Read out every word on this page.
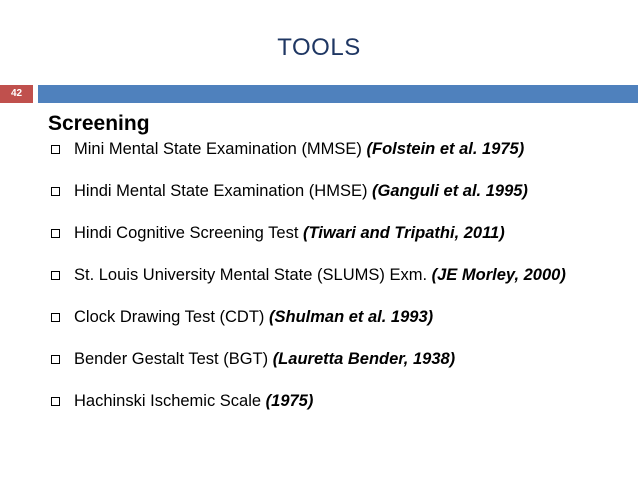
TOOLS
42
Screening
Mini Mental State Examination (MMSE) (Folstein et al. 1975)
Hindi Mental State Examination (HMSE) (Ganguli et al. 1995)
Hindi Cognitive Screening Test (Tiwari and Tripathi, 2011)
St. Louis University Mental State (SLUMS) Exm. (JE Morley, 2000)
Clock Drawing Test (CDT) (Shulman et al. 1993)
Bender Gestalt Test (BGT) (Lauretta Bender, 1938)
Hachinski Ischemic Scale (1975)
